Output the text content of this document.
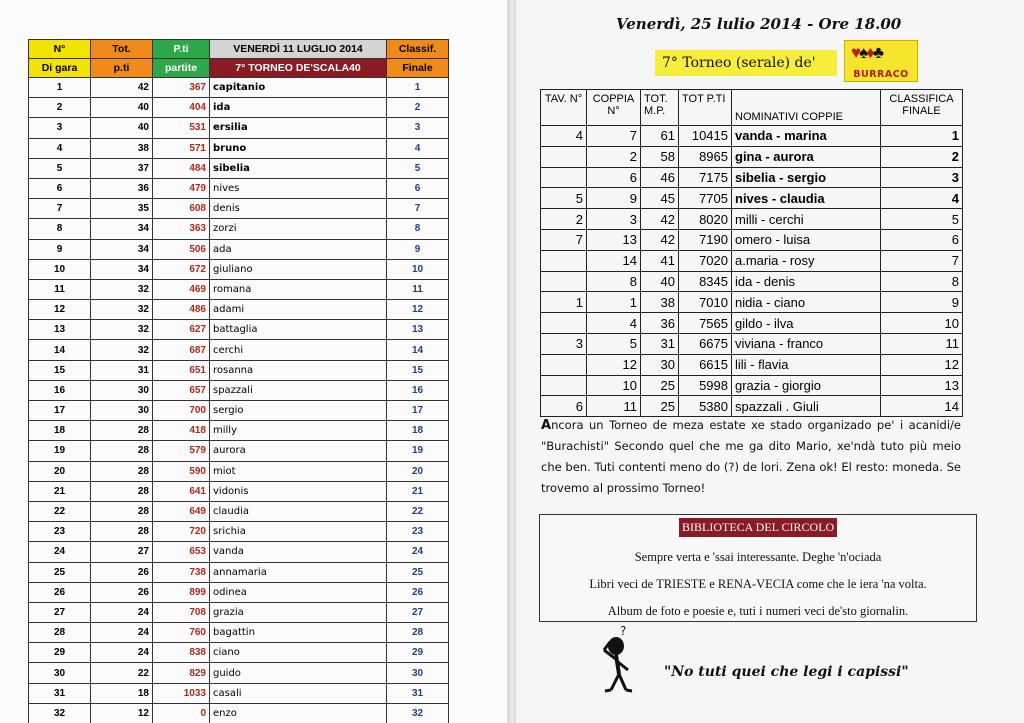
N°	Tot.	P.ti	VENERDÌ 11 LUGLIO 2014	Classif.
Di gara	p.ti	partite	7° TORNEO DE'SCALA40	Finale
1	42	367	capitanio	1
2	40	404	ida	2
3	40	531	ersilia	3
4	38	571	bruno	4
5	37	484	sibelia	5
6	36	479	nives	6
7	35	608	denis	7
8	34	363	zorzi	8
9	34	506	ada	9
10	34	672	giuliano	10
11	32	469	romana	11
12	32	486	adami	12
13	32	627	battaglia	13
14	32	687	cerchi	14
15	31	651	rosanna	15
16	30	657	spazzali	16
17	30	700	sergio	17
18	28	418	milly	18
19	28	579	aurora	19
20	28	590	miot	20
21	28	641	vidonis	21
22	28	649	claudia	22
23	28	720	srichia	23
24	27	653	vanda	24
25	26	738	annamaria	25
26	26	899	odinea	26
27	24	708	grazia	27
28	24	760	bagattin	28
29	24	838	ciano	29
30	22	829	guido	30
31	18	1033	casali	31
32	12	0	enzo	32
Venerdì, 25 lulio 2014 - Ore 18.00
7° Torneo (serale) de'
♥♠♦♣
BURRACO
TAV. N°	COPPIA N°	TOT. M.P.	TOT P.TI	NOMINATIVI COPPIE	CLASSIFICA FINALE
4	7	61	10415	vanda - marina	1
	2	58	8965	gina - aurora	2
	6	46	7175	sibelia - sergio	3
5	9	45	7705	nives - claudia	4
2	3	42	8020	milli - cerchi	5
7	13	42	7190	omero - luisa	6
	14	41	7020	a.maria - rosy	7
	8	40	8345	ida - denis	8
1	1	38	7010	nidia - ciano	9
	4	36	7565	gildo - ilva	10
3	5	31	6675	viviana - franco	11
	12	30	6615	lili - flavia	12
	10	25	5998	grazia - giorgio	13
6	11	25	5380	spazzali . Giuli	14
Ancora un Torneo de meza estate xe stado organizado pe' i acanidi/e "Burachisti" Secondo quel che me ga dito Mario, xe'ndà tuto più meio che ben. Tuti contenti meno do (?) de lori. Zena ok! El resto: moneda. Se trovemo al prossimo Torneo!
BIBLIOTECA DEL CIRCOLO
Sempre verta e 'ssai interessante. Deghe 'n'ociada
Libri veci de TRIESTE e RENA-VECIA come che le iera 'na volta.
Album de foto e poesie e, tuti i numeri veci de'sto giornalin.
?
"No tuti quei che legi i capissi"
